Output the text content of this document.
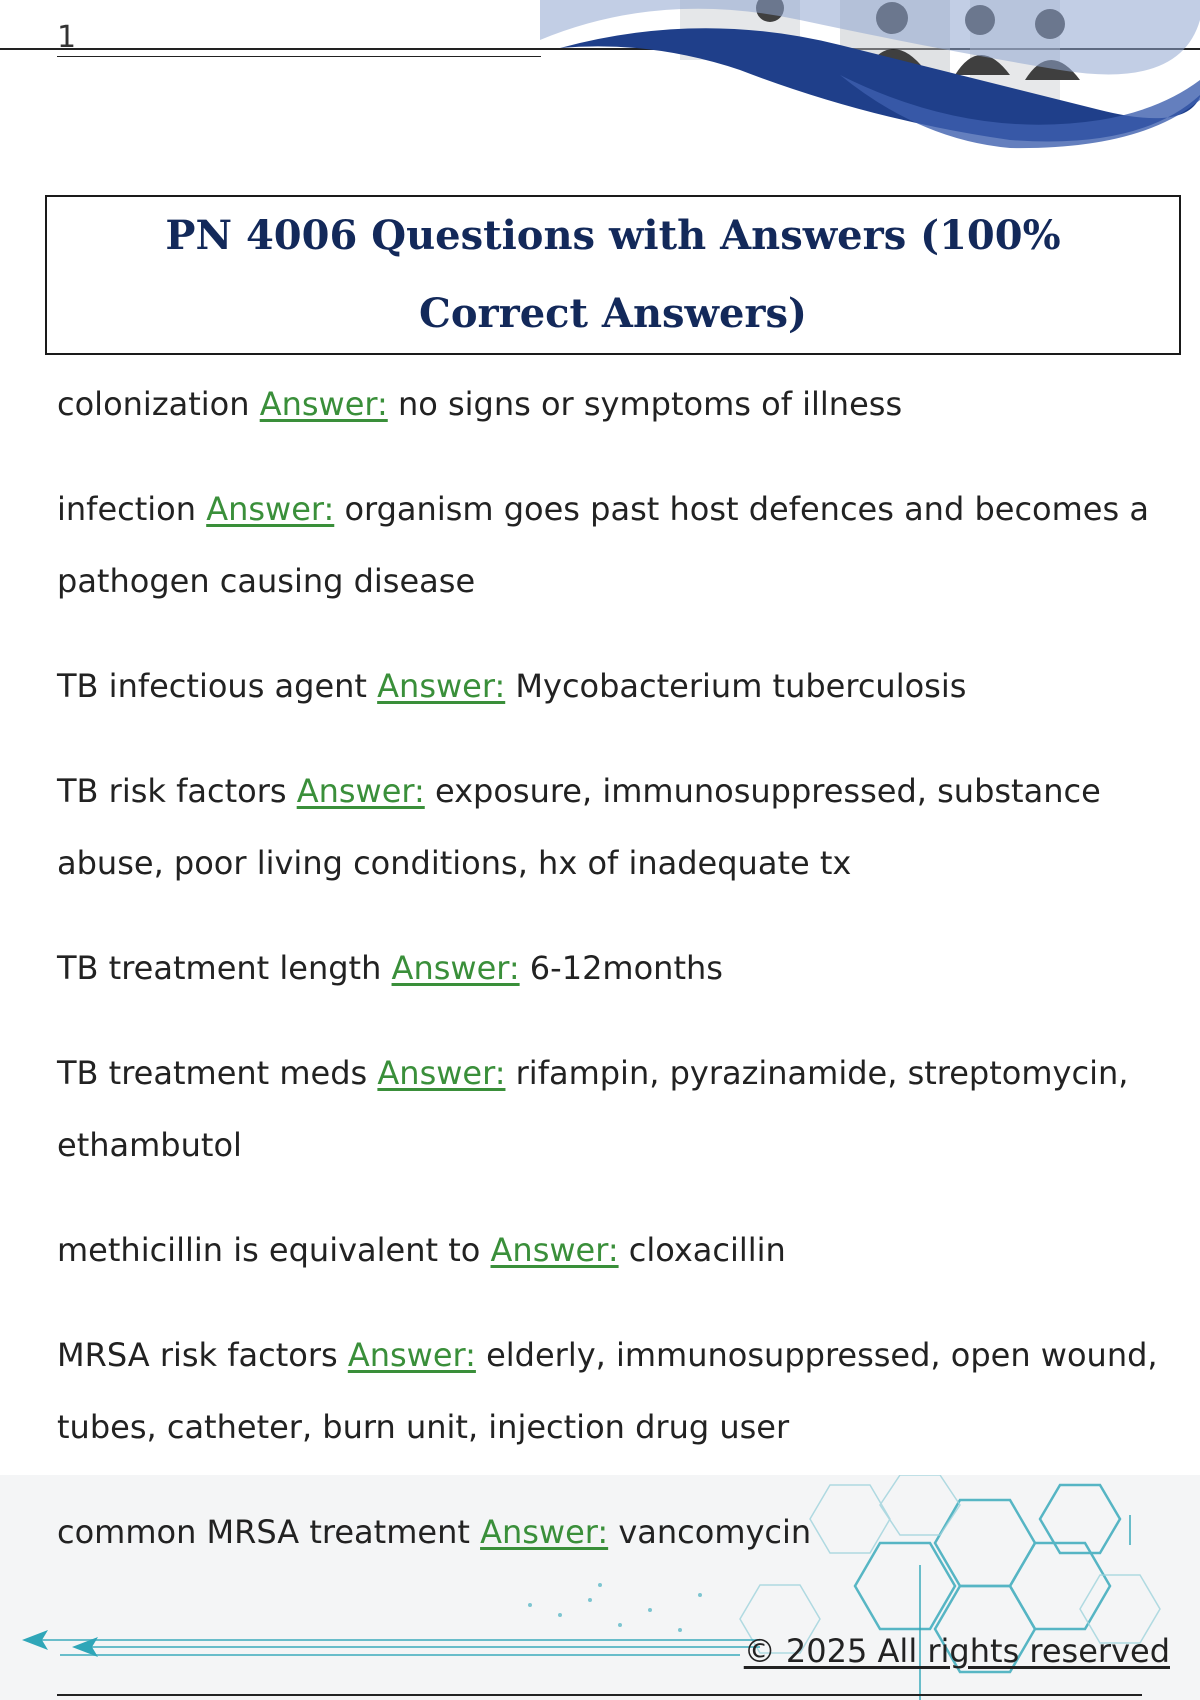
1
PN 4006 Questions with Answers (100% Correct Answers)
colonization Answer: no signs or symptoms of illness
infection Answer: organism goes past host defences and becomes a pathogen causing disease
TB infectious agent Answer: Mycobacterium tuberculosis
TB risk factors Answer: exposure, immunosuppressed, substance abuse, poor living conditions, hx of inadequate tx
TB treatment length Answer: 6-12months
TB treatment meds Answer: rifampin, pyrazinamide, streptomycin, ethambutol
methicillin is equivalent to Answer: cloxacillin
MRSA risk factors Answer: elderly, immunosuppressed, open wound, tubes, catheter, burn unit, injection drug user
common MRSA treatment Answer: vancomycin
© 2025 All rights reserved
